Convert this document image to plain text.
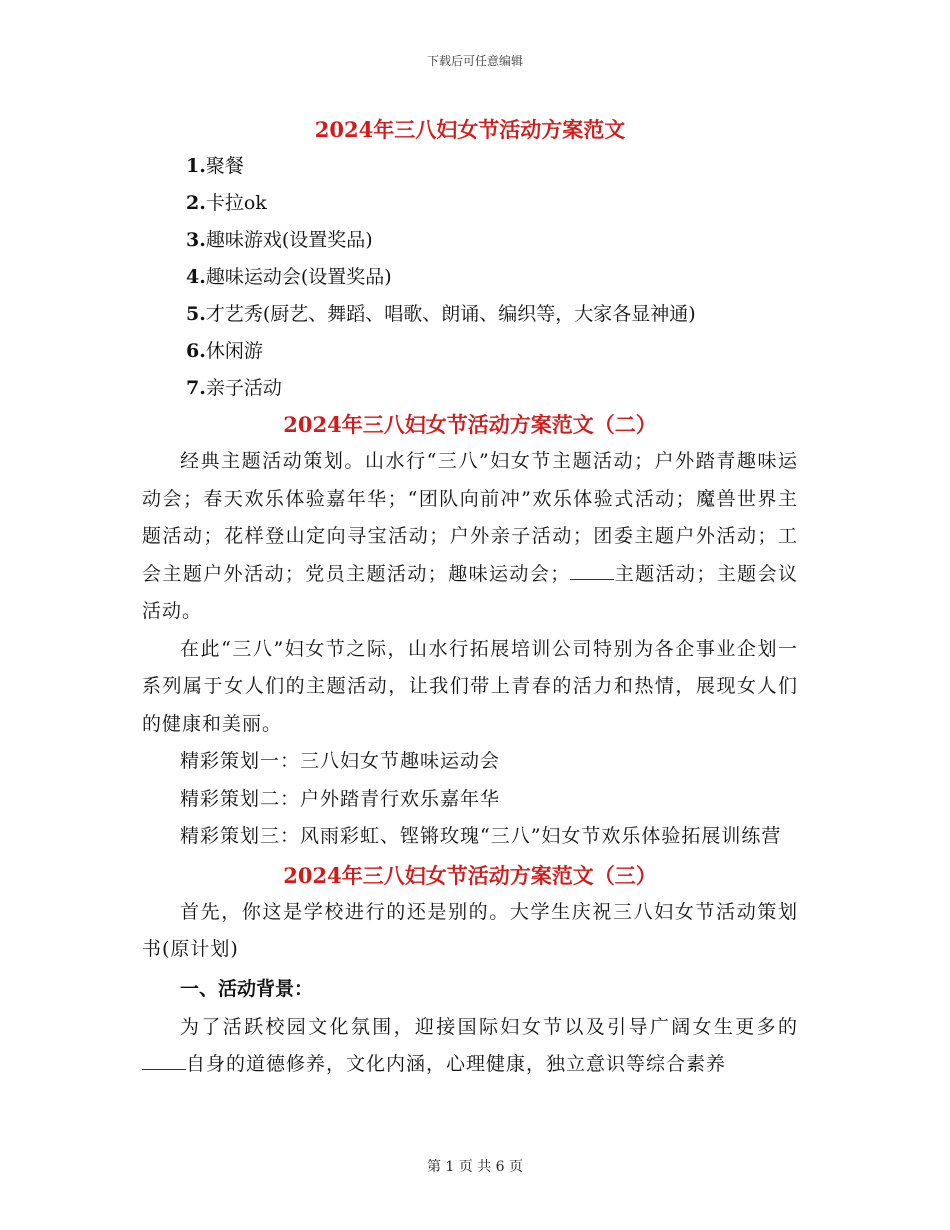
下载后可任意编辑
2024年三八妇女节活动方案范文
1.聚餐
2.卡拉ok
3.趣味游戏(设置奖品)
4.趣味运动会(设置奖品)
5.才艺秀(厨艺、舞蹈、唱歌、朗诵、编织等，大家各显神通)
6.休闲游
7.亲子活动
2024年三八妇女节活动方案范文（二）

经典主题活动策划。山水行“三八”妇女节主题活动；户外踏青趣味运动会；春天欢乐体验嘉年华；“团队向前冲”欢乐体验式活动；魔兽世界主题活动；花样登山定向寻宝活动；户外亲子活动；团委主题户外活动；工会主题户外活动；党员主题活动；趣味运动会； 主题活动；主题会议活动。

在此“三八”妇女节之际，山水行拓展培训公司特别为各企事业企划一系列属于女人们的主题活动，让我们带上青春的活力和热情，展现女人们的健康和美丽。

精彩策划一：三八妇女节趣味运动会

精彩策划二：户外踏青行欢乐嘉年华

精彩策划三：风雨彩虹、铿锵玫瑰“三八”妇女节欢乐体验拓展训练营

2024年三八妇女节活动方案范文（三）

首先，你这是学校进行的还是别的。大学生庆祝三八妇女节活动策划书(原计划)

一、活动背景：

为了活跃校园文化氛围，迎接国际妇女节以及引导广阔女生更多的自身的道德修养，文化内涵，心理健康，独立意识等综合素养

第 1 页 共 6 页
